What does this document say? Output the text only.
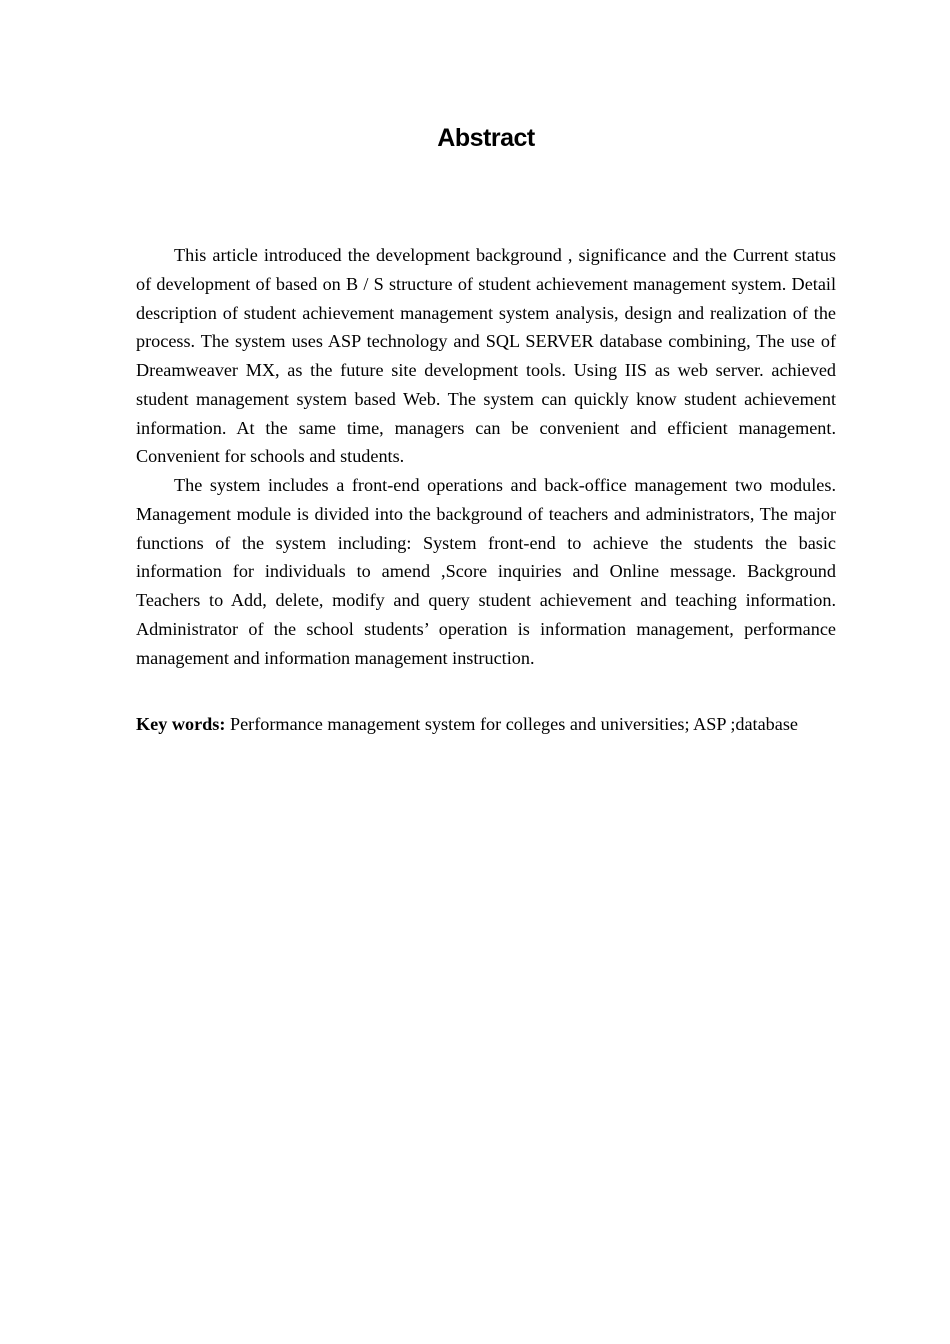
Abstract

This article introduced the development background , significance and the Current status of development of based on B / S structure of student achievement management system. Detail description of student achievement management system analysis, design and realization of the process. The system uses ASP technology and SQL SERVER database combining, The use of Dreamweaver MX, as the future site development tools. Using IIS as web server. achieved student management system based Web. The system can quickly know student achievement information. At the same time, managers can be convenient and efficient management. Convenient for schools and students.

The system includes a front-end operations and back-office management two modules. Management module is divided into the background of teachers and administrators, The major functions of the system including: System front-end to achieve the students the basic information for individuals to amend ,Score inquiries and Online message. Background Teachers to Add, delete, modify and query student achievement and teaching information. Administrator of the school students’ operation is information management, performance management and information management instruction.

Key words: Performance management system for colleges and universities; ASP ;database
